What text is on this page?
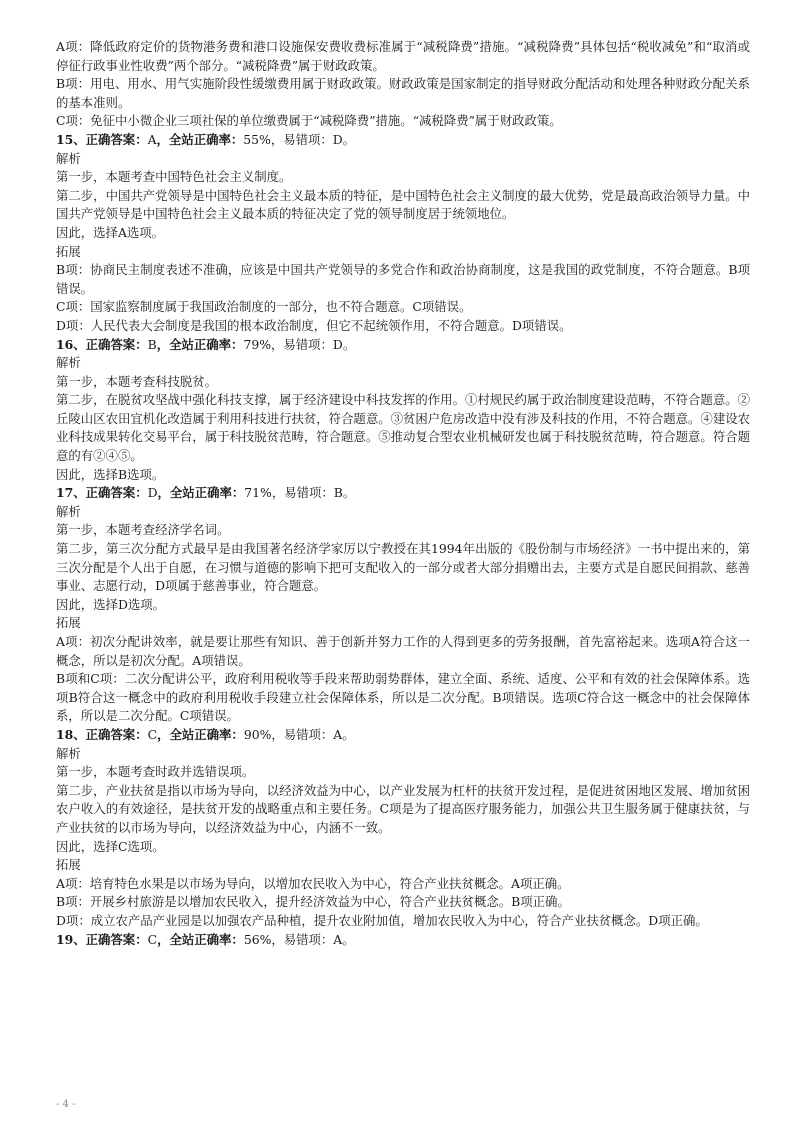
A项：降低政府定价的货物港务费和港口设施保安费收费标准属于“减税降费”措施。“减税降费”具体包括“税收减免”和“取消或停征行政事业性收费”两个部分。“减税降费”属于财政政策。

B项：用电、用水、用气实施阶段性缓缴费用属于财政政策。财政政策是国家制定的指导财政分配活动和处理各种财政分配关系的基本准则。

C项：免征中小微企业三项社保的单位缴费属于“减税降费”措施。“减税降费”属于财政政策。

15、正确答案：A，全站正确率：55%，易错项：D。

解析

第一步，本题考查中国特色社会主义制度。

第二步，中国共产党领导是中国特色社会主义最本质的特征，是中国特色社会主义制度的最大优势，党是最高政治领导力量。中国共产党领导是中国特色社会主义最本质的特征决定了党的领导制度居于统领地位。

因此，选择A选项。

拓展

B项：协商民主制度表述不准确，应该是中国共产党领导的多党合作和政治协商制度，这是我国的政党制度，不符合题意。B项错误。

C项：国家监察制度属于我国政治制度的一部分，也不符合题意。C项错误。

D项：人民代表大会制度是我国的根本政治制度，但它不起统领作用，不符合题意。D项错误。

16、正确答案：B，全站正确率：79%，易错项：D。

解析

第一步，本题考查科技脱贫。

第二步，在脱贫攻坚战中强化科技支撑，属于经济建设中科技发挥的作用。①村规民约属于政治制度建设范畴，不符合题意。②丘陵山区农田宜机化改造属于利用科技进行扶贫，符合题意。③贫困户危房改造中没有涉及科技的作用，不符合题意。④建设农业科技成果转化交易平台，属于科技脱贫范畴，符合题意。⑤推动复合型农业机械研发也属于科技脱贫范畴，符合题意。符合题意的有②④⑤。

因此，选择B选项。

17、正确答案：D，全站正确率：71%，易错项：B。

解析

第一步，本题考查经济学名词。

第二步，第三次分配方式最早是由我国著名经济学家厉以宁教授在其1994年出版的《股份制与市场经济》一书中提出来的，第三次分配是个人出于自愿，在习惯与道德的影响下把可支配收入的一部分或者大部分捐赠出去，主要方式是自愿民间捐款、慈善事业、志愿行动，D项属于慈善事业，符合题意。

因此，选择D选项。

拓展

A项：初次分配讲效率，就是要让那些有知识、善于创新并努力工作的人得到更多的劳务报酬，首先富裕起来。选项A符合这一概念，所以是初次分配。A项错误。

B项和C项：二次分配讲公平，政府利用税收等手段来帮助弱势群体，建立全面、系统、适度、公平和有效的社会保障体系。选项B符合这一概念中的政府利用税收手段建立社会保障体系，所以是二次分配。B项错误。选项C符合这一概念中的社会保障体系，所以是二次分配。C项错误。

18、正确答案：C，全站正确率：90%，易错项：A。

解析

第一步，本题考查时政并选错误项。

第二步，产业扶贫是指以市场为导向，以经济效益为中心，以产业发展为杠杆的扶贫开发过程，是促进贫困地区发展、增加贫困农户收入的有效途径，是扶贫开发的战略重点和主要任务。C项是为了提高医疗服务能力，加强公共卫生服务属于健康扶贫，与产业扶贫的以市场为导向，以经济效益为中心，内涵不一致。

因此，选择C选项。

拓展

A项：培育特色水果是以市场为导向，以增加农民收入为中心，符合产业扶贫概念。A项正确。

B项：开展乡村旅游是以增加农民收入，提升经济效益为中心，符合产业扶贫概念。B项正确。

D项：成立农产品产业园是以加强农产品种植，提升农业附加值，增加农民收入为中心，符合产业扶贫概念。D项正确。

19、正确答案：C，全站正确率：56%，易错项：A。

- 4 -
